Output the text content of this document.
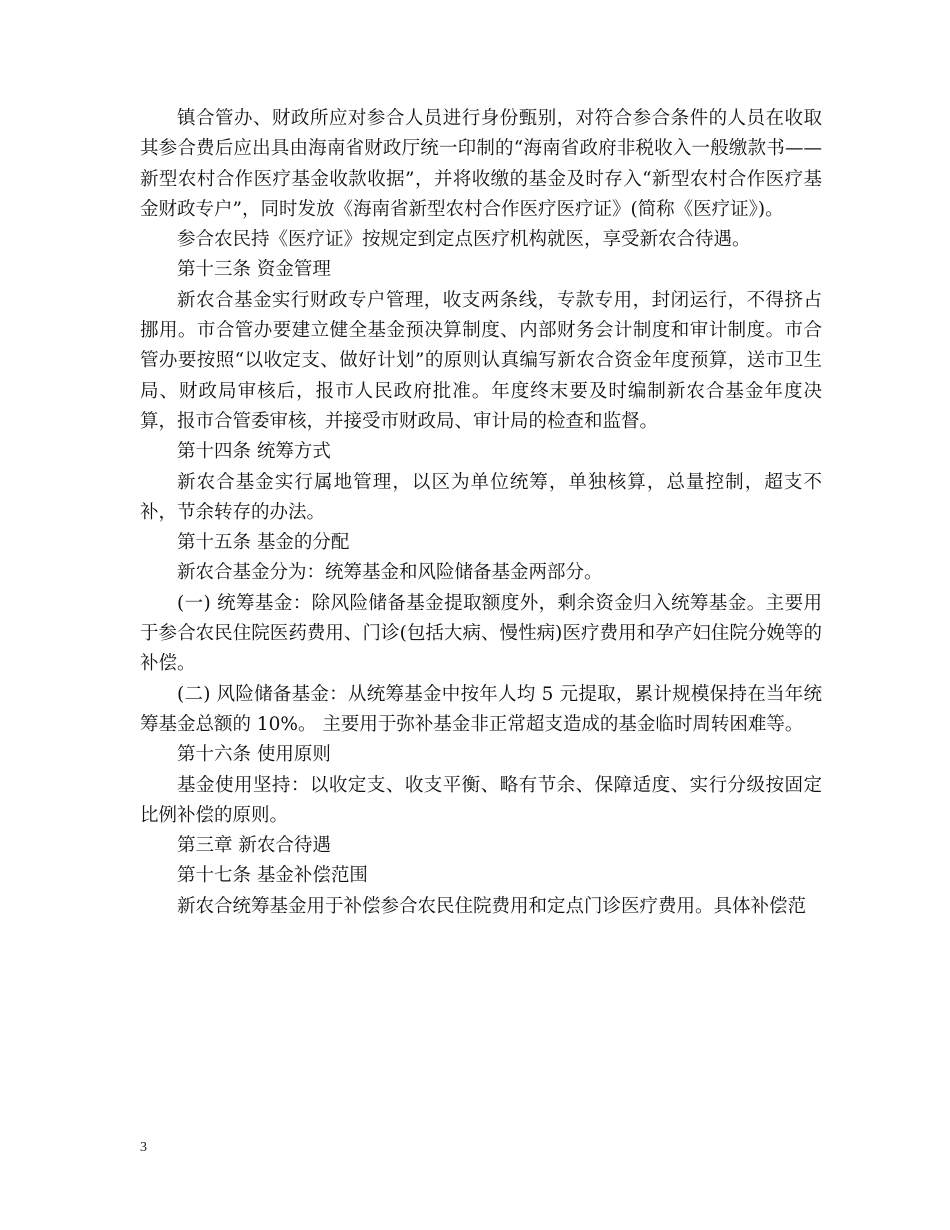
镇合管办、财政所应对参合人员进行身份甄别，对符合参合条件的人员在收取其参合费后应出具由海南省财政厅统一印制的“海南省政府非税收入一般缴款书——新型农村合作医疗基金收款收据”，并将收缴的基金及时存入“新型农村合作医疗基金财政专户”，同时发放《海南省新型农村合作医疗医疗证》(简称《医疗证》)。

参合农民持《医疗证》按规定到定点医疗机构就医，享受新农合待遇。

第十三条 资金管理

新农合基金实行财政专户管理，收支两条线，专款专用，封闭运行，不得挤占挪用。市合管办要建立健全基金预决算制度、内部财务会计制度和审计制度。市合管办要按照“以收定支、做好计划”的原则认真编写新农合资金年度预算，送市卫生局、财政局审核后，报市人民政府批准。年度终末要及时编制新农合基金年度决算，报市合管委审核，并接受市财政局、审计局的检查和监督。

第十四条 统筹方式

新农合基金实行属地管理，以区为单位统筹，单独核算，总量控制，超支不补，节余转存的办法。

第十五条 基金的分配

新农合基金分为：统筹基金和风险储备基金两部分。

(一) 统筹基金：除风险储备基金提取额度外，剩余资金归入统筹基金。主要用于参合农民住院医药费用、门诊(包括大病、慢性病)医疗费用和孕产妇住院分娩等的补偿。

(二) 风险储备基金：从统筹基金中按年人均 5 元提取，累计规模保持在当年统筹基金总额的 10%。 主要用于弥补基金非正常超支造成的基金临时周转困难等。

第十六条 使用原则

基金使用坚持：以收定支、收支平衡、略有节余、保障适度、实行分级按固定比例补偿的原则。

第三章 新农合待遇

第十七条 基金补偿范围

新农合统筹基金用于补偿参合农民住院费用和定点门诊医疗费用。具体补偿范

3
